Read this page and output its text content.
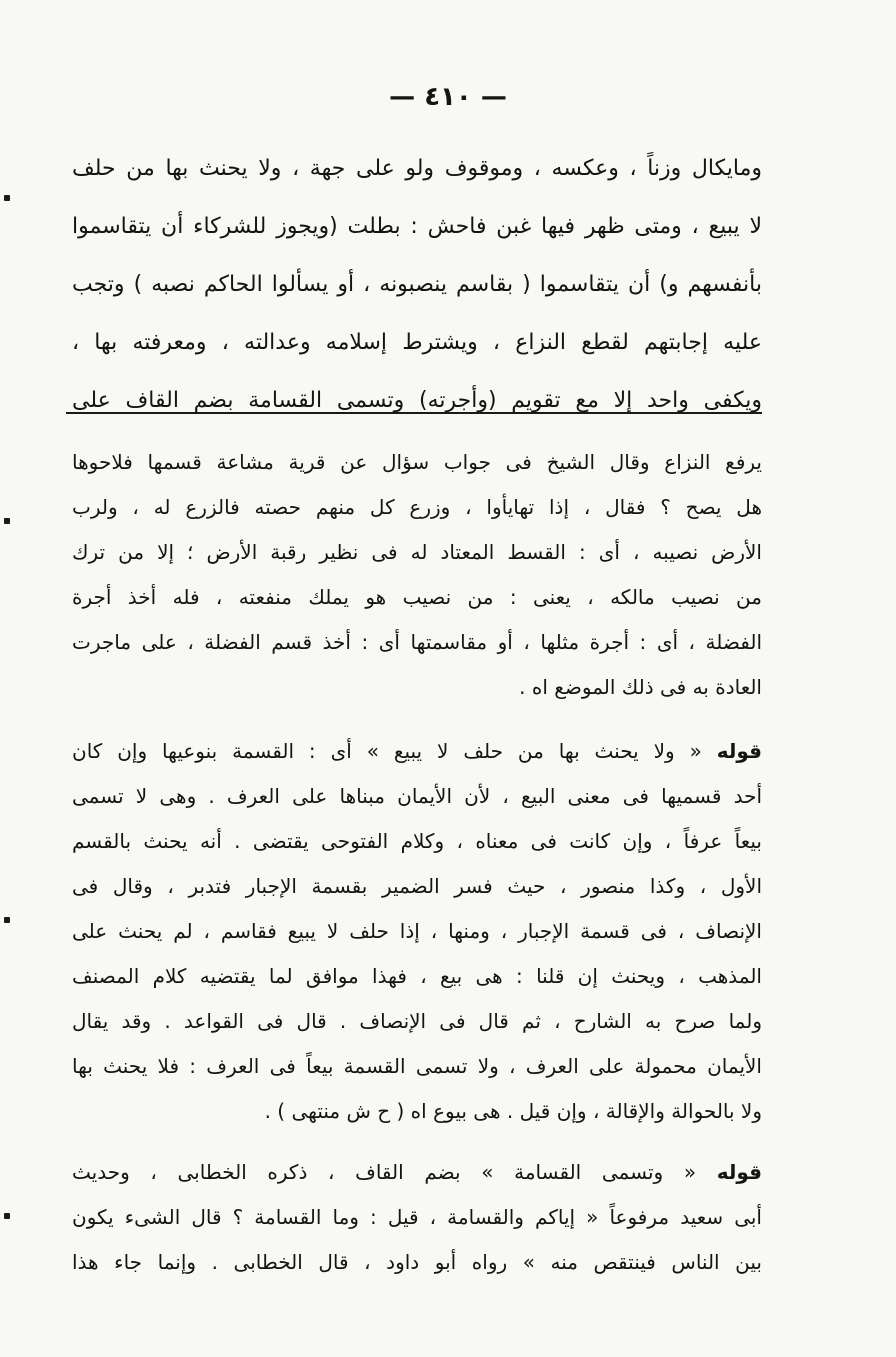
— ٤١٠ —
ومايكال وزناً ، وعكسه ، وموقوف ولو على جهة ، ولا يحنث بها من حلف
لا يبيع ، ومتى ظهر فيها غبن فاحش : بطلت (ويجوز للشركاء أن يتقاسموا
بأنفسهم و) أن يتقاسموا ( بقاسم ينصبونه ، أو يسألوا الحاكم نصبه ) وتجب
عليه إجابتهم لقطع النزاع ، ويشترط إسلامه وعدالته ، ومعرفته بها ،
ويكفى واحد إلا مع تقويم (وأجرته) وتسمى القسامة بضم القاف على
يرفع النزاع وقال الشيخ فى جواب سؤال عن قرية مشاعة قسمها فلاحوها
هل يصح ؟ فقال ، إذا تهايأوا ، وزرع كل منهم حصته فالزرع له ، ولرب
الأرض نصيبه ، أى : القسط المعتاد له فى نظير رقبة الأرض ؛ إلا من ترك
من نصيب مالكه ، يعنى : من نصيب هو يملك منفعته ، فله أخذ أجرة
الفضلة ، أى : أجرة مثلها ، أو مقاسمتها أى : أخذ قسم الفضلة ، على ماجرت
العادة به فى ذلك الموضع اه .
قوله « ولا يحنث بها من حلف لا يبيع » أى : القسمة بنوعيها وإن كان
أحد قسميها فى معنى البيع ، لأن الأيمان مبناها على العرف . وهى لا تسمى
بيعاً عرفاً ، وإن كانت فى معناه ، وكلام الفتوحى يقتضى . أنه يحنث بالقسم
الأول ، وكذا منصور ، حيث فسر الضمير بقسمة الإجبار فتدبر ، وقال فى
الإنصاف ، فى قسمة الإجبار ، ومنها ، إذا حلف لا يبيع فقاسم ، لم يحنث على
المذهب ، ويحنث إن قلنا : هى بيع ، فهذا موافق لما يقتضيه كلام المصنف
ولما صرح به الشارح ، ثم قال فى الإنصاف . قال فى القواعد . وقد يقال
الأيمان محمولة على العرف ، ولا تسمى القسمة بيعاً فى العرف : فلا يحنث بها
ولا بالحوالة والإقالة ، وإن قيل . هى بيوع اه ( ح ش منتهى ) .
قوله « وتسمى القسامة » بضم القاف ، ذكره الخطابى ، وحديث
أبى سعيد مرفوعاً « إياكم والقسامة ، قيل : وما القسامة ؟ قال الشىء يكون
بين الناس فينتقص منه » رواه أبو داود ، قال الخطابى . وإنما جاء هذا
